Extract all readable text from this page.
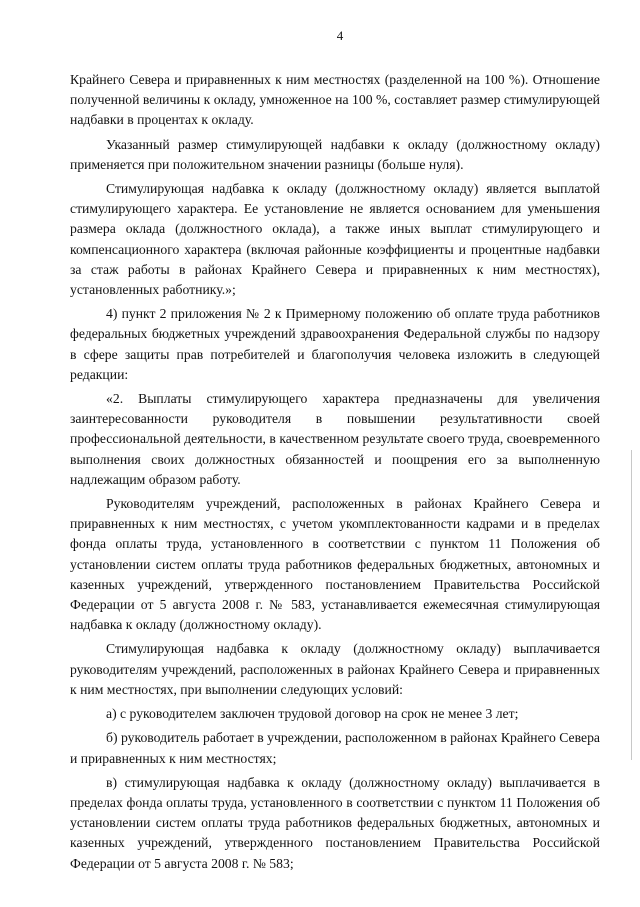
4

Крайнего Севера и приравненных к ним местностях (разделенной на 100 %). Отношение полученной величины к окладу, умноженное на 100 %, составляет размер стимулирующей надбавки в процентах к окладу.

Указанный размер стимулирующей надбавки к окладу (должностному окладу) применяется при положительном значении разницы (больше нуля).

Стимулирующая надбавка к окладу (должностному окладу) является выплатой стимулирующего характера. Ее установление не является основанием для уменьшения размера оклада (должностного оклада), а также иных выплат стимулирующего и компенсационного характера (включая районные коэффициенты и процентные надбавки за стаж работы в районах Крайнего Севера и приравненных к ним местностях), установленных работнику.»;

4) пункт 2 приложения № 2 к Примерному положению об оплате труда работников федеральных бюджетных учреждений здравоохранения Федеральной службы по надзору в сфере защиты прав потребителей и благополучия человека изложить в следующей редакции:

«2. Выплаты стимулирующего характера предназначены для увеличения заинтересованности руководителя в повышении результативности своей профессиональной деятельности, в качественном результате своего труда, своевременного выполнения своих должностных обязанностей и поощрения его за выполненную надлежащим образом работу.

Руководителям учреждений, расположенных в районах Крайнего Севера и приравненных к ним местностях, с учетом укомплектованности кадрами и в пределах фонда оплаты труда, установленного в соответствии с пунктом 11 Положения об установлении систем оплаты труда работников федеральных бюджетных, автономных и казенных учреждений, утвержденного постановлением Правительства Российской Федерации от 5 августа 2008 г. № 583, устанавливается ежемесячная стимулирующая надбавка к окладу (должностному окладу).

Стимулирующая надбавка к окладу (должностному окладу) выплачивается руководителям учреждений, расположенных в районах Крайнего Севера и приравненных к ним местностях, при выполнении следующих условий:

а) с руководителем заключен трудовой договор на срок не менее 3 лет;

б) руководитель работает в учреждении, расположенном в районах Крайнего Севера и приравненных к ним местностях;

в) стимулирующая надбавка к окладу (должностному окладу) выплачивается в пределах фонда оплаты труда, установленного в соответствии с пунктом 11 Положения об установлении систем оплаты труда работников федеральных бюджетных, автономных и казенных учреждений, утвержденного постановлением Правительства Российской Федерации от 5 августа 2008 г. № 583;
